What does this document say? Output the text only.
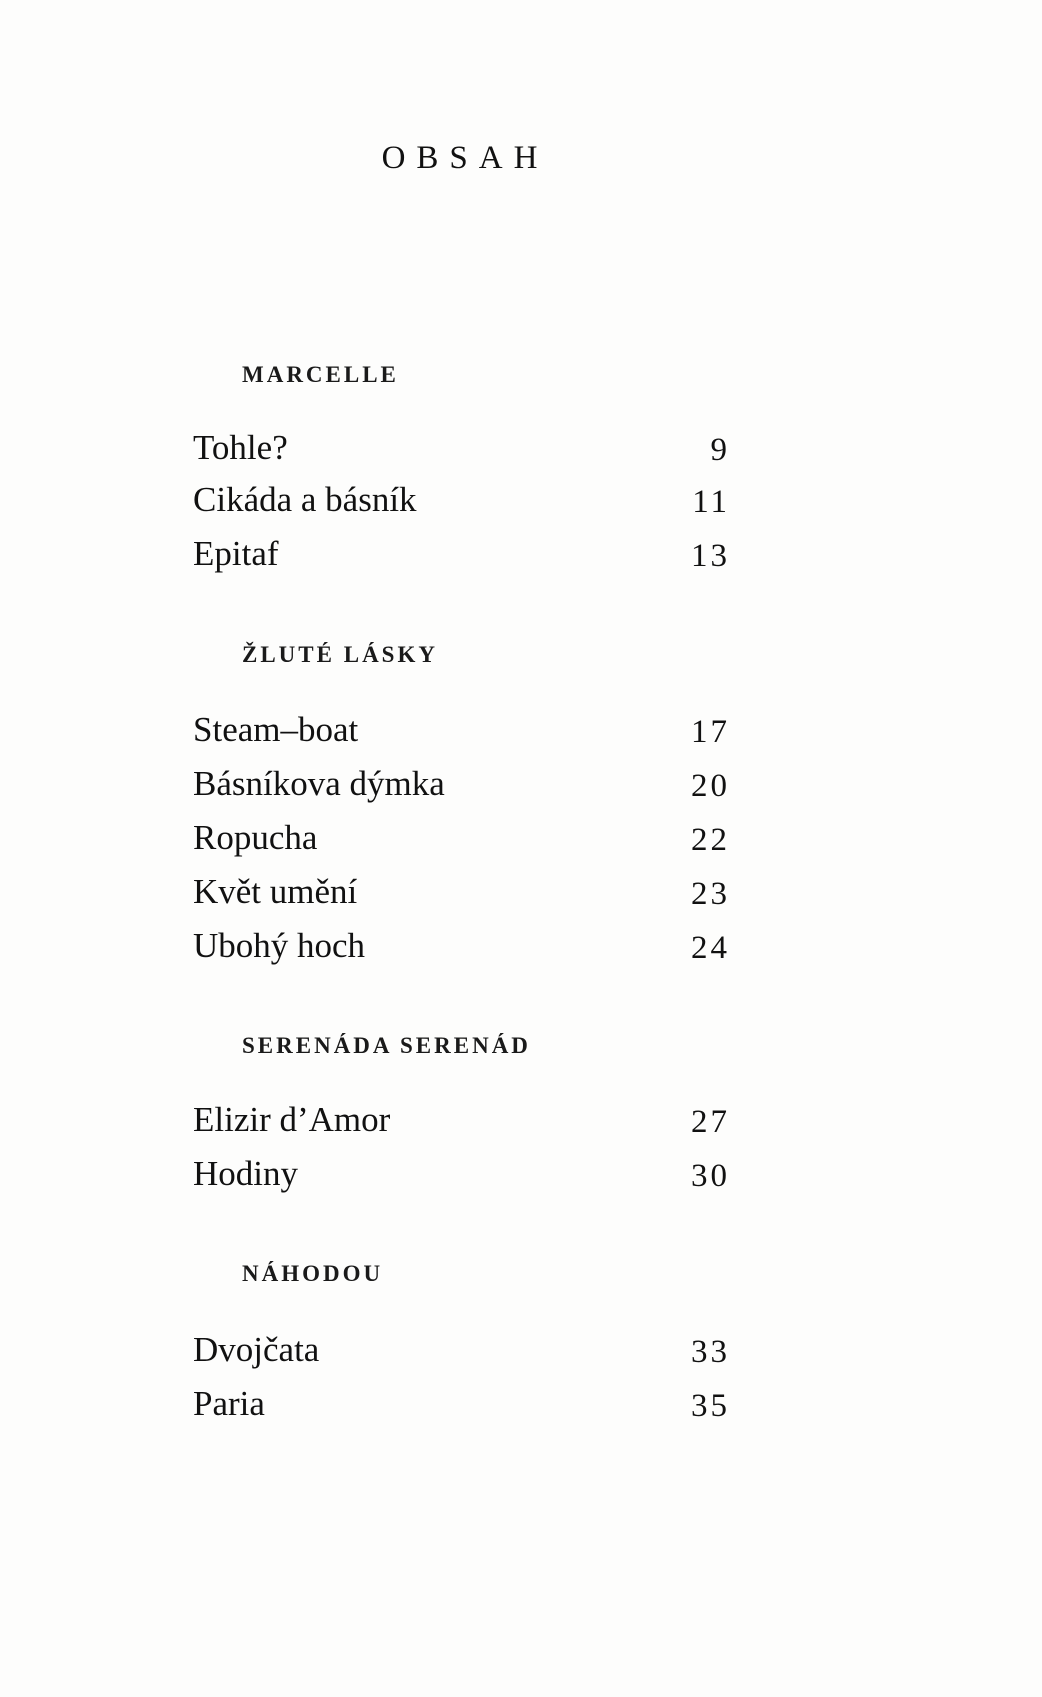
OBSAH
MARCELLE
Tohle?	9
Cikáda a básník	11
Epitaf	13
ŽLUTÉ LÁSKY
Steam–boat	17
Básníkova dýmka	20
Ropucha	22
Květ umění	23
Ubohý hoch	24
SERENÁDA SERENÁD
Elizir d’Amor	27
Hodiny	30
NÁHODOU
Dvojčata	33
Paria	35
